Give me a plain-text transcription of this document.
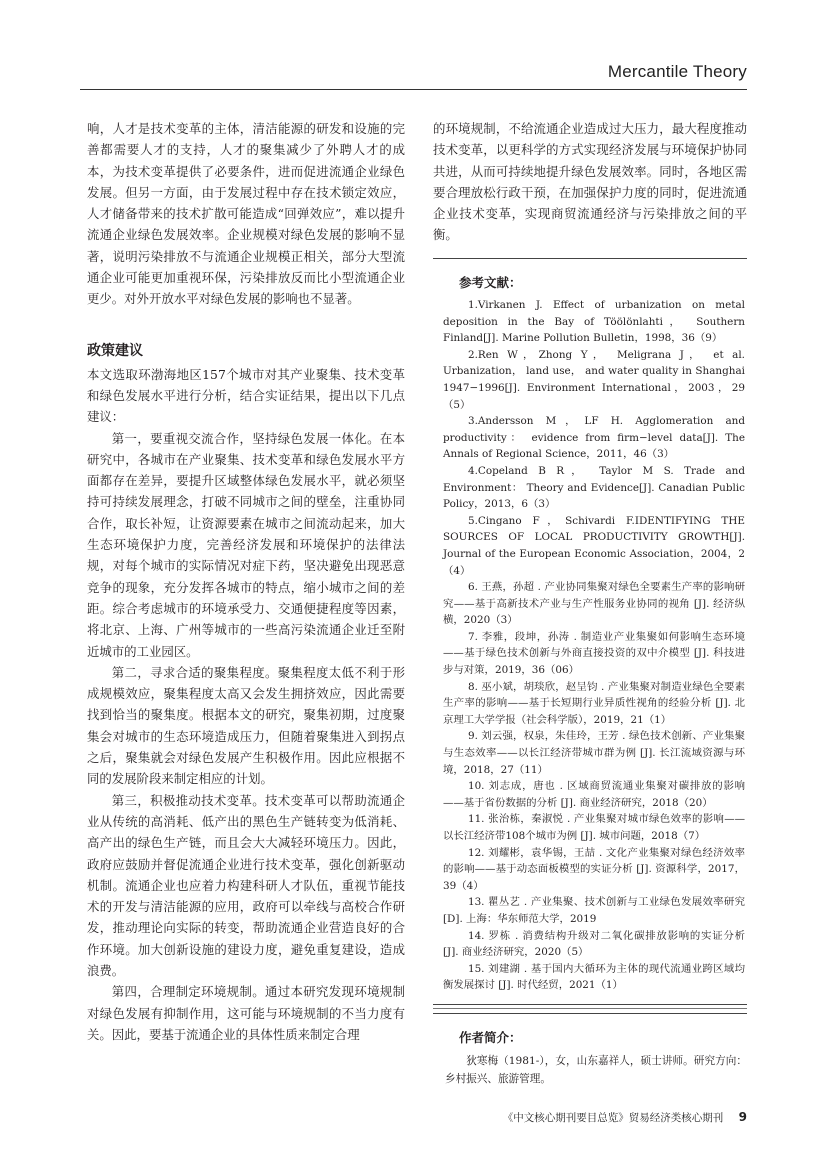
Mercantile Theory

响，人才是技术变革的主体，清洁能源的研发和设施的完善都需要人才的支持，人才的聚集减少了外聘人才的成本，为技术变革提供了必要条件，进而促进流通企业绿色发展。但另一方面，由于发展过程中存在技术锁定效应，人才储备带来的技术扩散可能造成“回弹效应”，难以提升流通企业绿色发展效率。企业规模对绿色发展的影响不显著，说明污染排放不与流通企业规模正相关，部分大型流通企业可能更加重视环保，污染排放反而比小型流通企业更少。对外开放水平对绿色发展的影响也不显著。

政策建议

本文选取环渤海地区157个城市对其产业聚集、技术变革和绿色发展水平进行分析，结合实证结果，提出以下几点建议：

第一，要重视交流合作，坚持绿色发展一体化。在本研究中，各城市在产业聚集、技术变革和绿色发展水平方面都存在差异，要提升区域整体绿色发展水平，就必须坚持可持续发展理念，打破不同城市之间的壁垒，注重协同合作，取长补短，让资源要素在城市之间流动起来，加大生态环境保护力度，完善经济发展和环境保护的法律法规，对每个城市的实际情况对症下药，坚决避免出现恶意竞争的现象，充分发挥各城市的特点，缩小城市之间的差距。综合考虑城市的环境承受力、交通便捷程度等因素，将北京、上海、广州等城市的一些高污染流通企业迁至附近城市的工业园区。

第二，寻求合适的聚集程度。聚集程度太低不利于形成规模效应，聚集程度太高又会发生拥挤效应，因此需要找到恰当的聚集度。根据本文的研究，聚集初期，过度聚集会对城市的生态环境造成压力，但随着聚集进入到拐点之后，聚集就会对绿色发展产生积极作用。因此应根据不同的发展阶段来制定相应的计划。

第三，积极推动技术变革。技术变革可以帮助流通企业从传统的高消耗、低产出的黑色生产链转变为低消耗、高产出的绿色生产链，而且会大大减轻环境压力。因此，政府应鼓励并督促流通企业进行技术变革，强化创新驱动机制。流通企业也应着力构建科研人才队伍，重视节能技术的开发与清洁能源的应用，政府可以牵线与高校合作研发，推动理论向实际的转变，帮助流通企业营造良好的合作环境。加大创新设施的建设力度，避免重复建设，造成浪费。

第四，合理制定环境规制。通过本研究发现环境规制对绿色发展有抑制作用，这可能与环境规制的不当力度有关。因此，要基于流通企业的具体性质来制定合理

的环境规制，不给流通企业造成过大压力，最大程度推动技术变革，以更科学的方式实现经济发展与环境保护协同共进，从而可持续地提升绿色发展效率。同时，各地区需要合理放松行政干预，在加强保护力度的同时，促进流通企业技术变革，实现商贸流通经济与污染排放之间的平衡。

参考文献：

1.Virkanen J. Effect of urbanization on metal deposition in the Bay of Töölönlahti， Southern Finland[J]. Marine Pollution Bulletin，1998，36（9）

2.Ren W，Zhong Y， Meligrana J， et al. Urbanization， land use， and water quality in Shanghai 1947−1996[J]. Environment International，2003，29（5）

3.Andersson M，LF H. Agglomeration and productivity： evidence from firm−level data[J]. The Annals of Regional Science，2011，46（3）

4.Copeland B R， Taylor M S. Trade and Environment： Theory and Evidence[J]. Canadian Public Policy，2013，6（3）

5.Cingano F，Schivardi F.IDENTIFYING THE SOURCES OF LOCAL PRODUCTIVITY GROWTH[J]. Journal of the European Economic Association，2004，2（4）

6. 王燕，孙超 . 产业协同集聚对绿色全要素生产率的影响研究——基于高新技术产业与生产性服务业协同的视角 [J]. 经济纵横，2020（3）

7. 李雅，段坤，孙涛 . 制造业产业集聚如何影响生态环境——基于绿色技术创新与外商直接投资的双中介模型 [J]. 科技进步与对策，2019，36（06）

8. 巫小斌，胡琰欣，赵呈钧 . 产业集聚对制造业绿色全要素生产率的影响——基于长短期行业异质性视角的经验分析 [J]. 北京理工大学学报（社会科学版），2019，21（1）

9. 刘云强，权泉，朱佳玲，王芳 . 绿色技术创新、产业集聚与生态效率——以长江经济带城市群为例 [J]. 长江流域资源与环境，2018，27（11）

10. 刘志成，唐也 . 区域商贸流通业集聚对碳排放的影响——基于省份数据的分析 [J]. 商业经济研究，2018（20）

11. 张治栋，秦淑悦 . 产业集聚对城市绿色效率的影响——以长江经济带108个城市为例 [J]. 城市问题，2018（7）

12. 刘耀彬，袁华锡，王喆 . 文化产业集聚对绿色经济效率的影响——基于动态面板模型的实证分析 [J]. 资源科学，2017，39（4）

13. 瞿丛艺 . 产业集聚、技术创新与工业绿色发展效率研究 [D]. 上海：华东师范大学，2019

14. 罗栋 . 消费结构升级对二氧化碳排放影响的实证分析 [J]. 商业经济研究，2020（5）

15. 刘建湖 . 基于国内大循环为主体的现代流通业跨区域均衡发展探讨 [J]. 时代经贸，2021（1）

作者简介：

狄寒梅（1981-），女，山东嘉祥人，硕士讲师。研究方向：乡村振兴、旅游管理。

《中文核心期刊要目总览》贸易经济类核心期刊 9
